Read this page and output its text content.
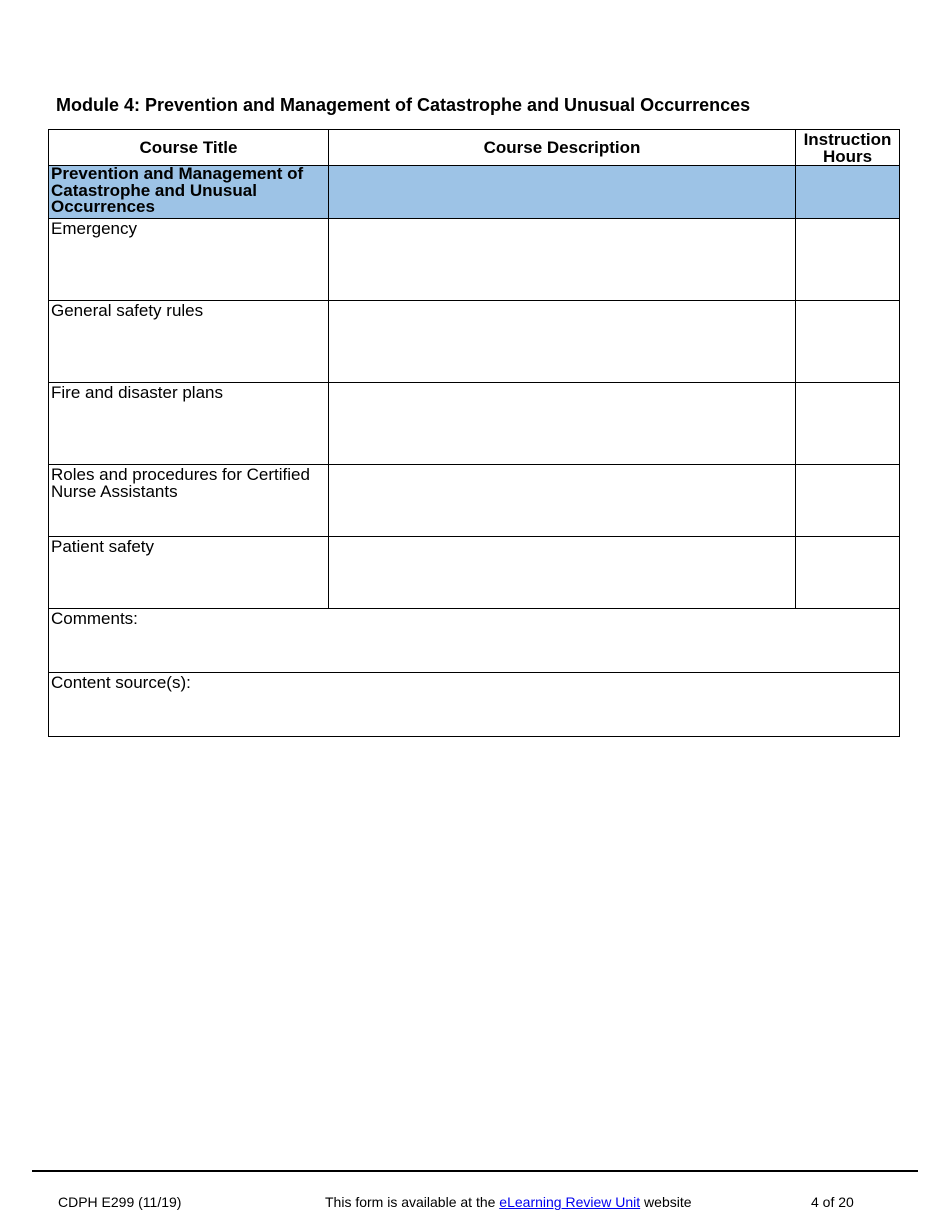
Module 4: Prevention and Management of Catastrophe and Unusual Occurrences
Course Title	Course Description	Instruction Hours
Prevention and Management of Catastrophe and Unusual Occurrences		
Emergency		
General safety rules		
Fire and disaster plans		
Roles and procedures for Certified Nurse Assistants		
Patient safety		
Comments:		
Content source(s):		
CDPH E299 (11/19)	This form is available at the eLearning Review Unit website	4 of 20
